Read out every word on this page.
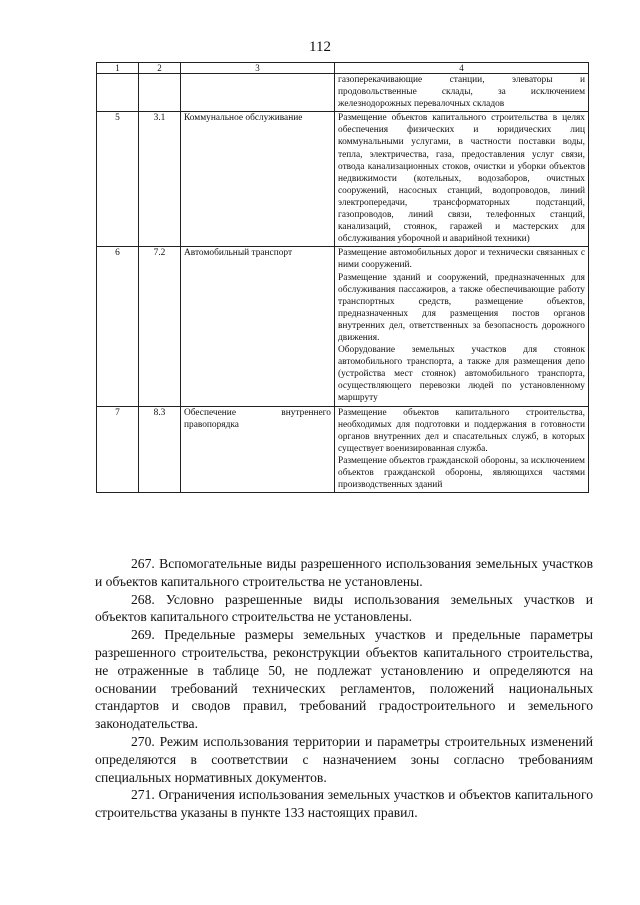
112
1	2	3	4
			газоперекачивающие станции, элеваторы и продовольственные склады, за исключением железнодорожных перевалочных складов
5	3.1	Коммунальное обслуживание	Размещение объектов капитального строительства в целях обеспечения физических и юридических лиц коммунальными услугами, в частности поставки воды, тепла, электричества, газа, предоставления услуг связи, отвода канализационных стоков, очистки и уборки объектов недвижимости (котельных, водозаборов, очистных сооружений, насосных станций, водопроводов, линий электропередачи, трансформаторных подстанций, газопроводов, линий связи, телефонных станций, канализаций, стоянок, гаражей и мастерских для обслуживания уборочной и аварийной техники)

6	7.2	Автомобильный транспорт	Размещение автомобильных дорог и технически связанных с ними сооружений.
Размещение зданий и сооружений, предназначенных для обслуживания пассажиров, а также обеспечивающие работу транспортных средств, размещение объектов, предназначенных для размещения постов органов внутренних дел, ответственных за безопасность дорожного движения.
Оборудование земельных участков для стоянок автомобильного транспорта, а также для размещения депо (устройства мест стоянок) автомобильного транспорта, осуществляющего перевозки людей по установленному маршруту

7	8.3	Обеспечение внутреннего правопорядка	Размещение объектов капитального строительства, необходимых для подготовки и поддержания в готовности органов внутренних дел и спасательных служб, в которых существует военизированная служба.
Размещение объектов гражданской обороны, за исключением объектов гражданской обороны, являющихся частями производственных зданий

267. Вспомогательные виды разрешенного использования земельных участков и объектов капитального строительства не установлены.

268. Условно разрешенные виды использования земельных участков и объектов капитального строительства не установлены.

269. Предельные размеры земельных участков и предельные параметры разрешенного строительства, реконструкции объектов капитального строительства, не отраженные в таблице 50, не подлежат установлению и определяются на основании требований технических регламентов, положений национальных стандартов и сводов правил, требований градостроительного и земельного законодательства.

270. Режим использования территории и параметры строительных изменений определяются в соответствии с назначением зоны согласно требованиям специальных нормативных документов.

271. Ограничения использования земельных участков и объектов капитального строительства указаны в пункте 133 настоящих правил.
